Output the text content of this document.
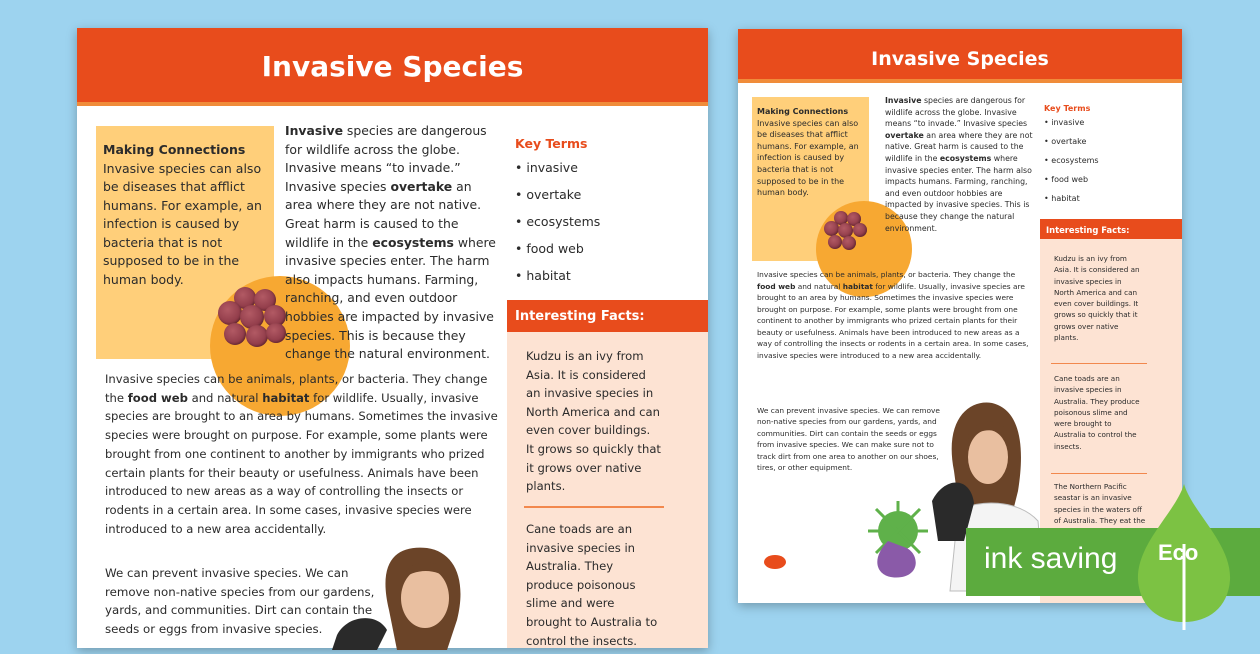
Invasive Species
Making Connections
Invasive species can also be diseases that afflict humans. For example, an infection is caused by bacteria that is not supposed to be in the human body.
Invasive species are dangerous for wildlife across the globe. Invasive means “to invade.” Invasive species overtake an area where they are not native. Great harm is caused to the wildlife in the ecosystems where invasive species enter. The harm also impacts humans. Farming, ranching, and even outdoor hobbies are impacted by invasive species. This is because they change the natural environment.
Invasive species can be animals, plants, or bacteria. They change the food web and natural habitat for wildlife. Usually, invasive species are brought to an area by humans. Sometimes the invasive species were brought on purpose. For example, some plants were brought from one continent to another by immigrants who prized certain plants for their beauty or usefulness. Animals have been introduced to new areas as a way of controlling the insects or rodents in a certain area. In some cases, invasive species were introduced to a new area accidentally.
We can prevent invasive species. We can remove non-native species from our gardens, yards, and communities. Dirt can contain the seeds or eggs from invasive species.
Key Terms
• invasive
• overtake
• ecosystems
• food web
• habitat
Interesting Facts:
Kudzu is an ivy from Asia. It is considered an invasive species in North America and can even cover buildings. It grows so quickly that it grows over native plants.
Cane toads are an invasive species in Australia. They produce poisonous slime and were brought to Australia to control the insects.
Invasive Species
Making Connections
Invasive species can also be diseases that afflict humans. For example, an infection is caused by bacteria that is not supposed to be in the human body.
Invasive species are dangerous for wildlife across the globe. Invasive means “to invade.” Invasive species overtake an area where they are not native. Great harm is caused to the wildlife in the ecosystems where invasive species enter. The harm also impacts humans. Farming, ranching, and even outdoor hobbies are impacted by invasive species. This is because they change the natural environment.
Invasive species can be animals, plants, or bacteria. They change the food web and natural habitat for wildlife. Usually, invasive species are brought to an area by humans. Sometimes the invasive species were brought on purpose. For example, some plants were brought from one continent to another by immigrants who prized certain plants for their beauty or usefulness. Animals have been introduced to new areas as a way of controlling the insects or rodents in a certain area. In some cases, invasive species were introduced to a new area accidentally.
We can prevent invasive species. We can remove non-native species from our gardens, yards, and communities. Dirt can contain the seeds or eggs from invasive species. We can make sure not to track dirt from one area to another on our shoes, tires, or other equipment.
Key Terms
• invasive
• overtake
• ecosystems
• food web
• habitat
Interesting Facts:
Kudzu is an ivy from Asia. It is considered an invasive species in North America and can even cover buildings. It grows so quickly that it grows over native plants.
Cane toads are an invasive species in Australia. They produce poisonous slime and were brought to Australia to control the insects.
The Northern Pacific seastar is an invasive species in the waters off of Australia. They eat the
ink saving Eco
